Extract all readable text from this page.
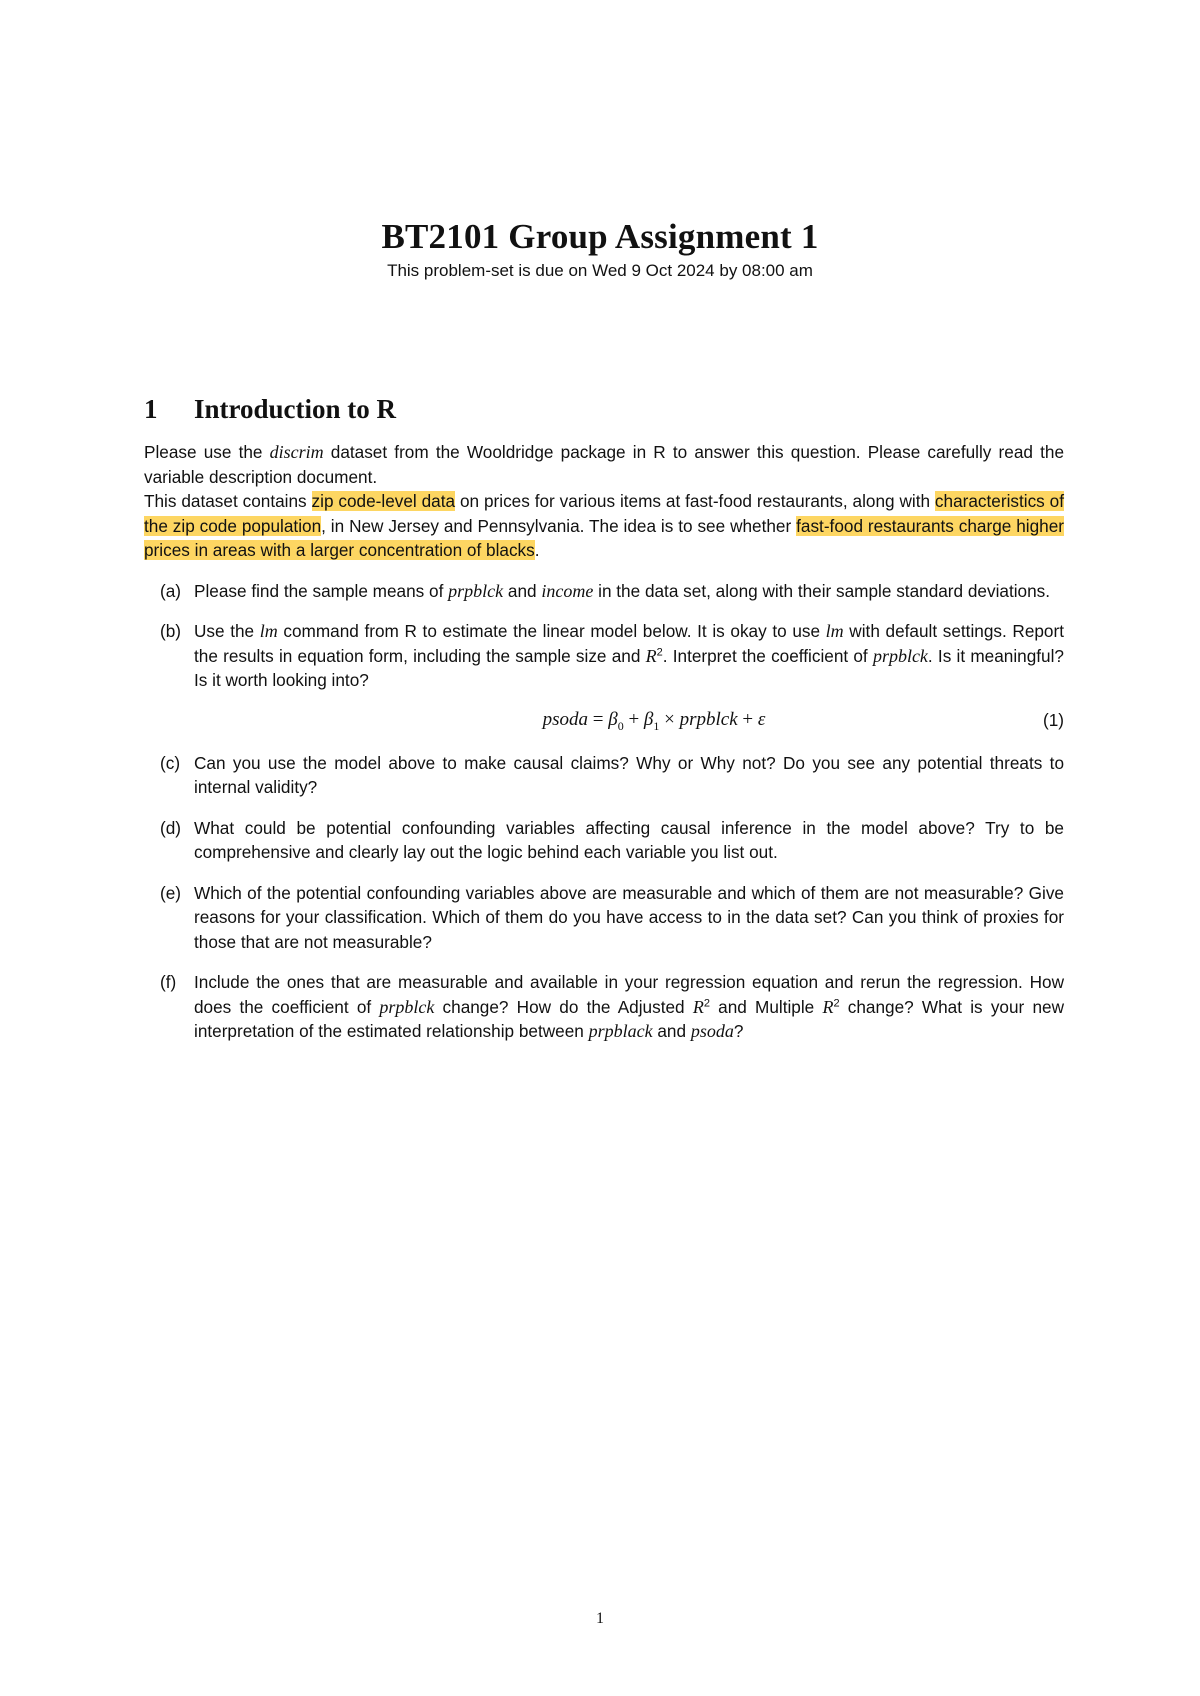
BT2101 Group Assignment 1

This problem-set is due on Wed 9 Oct 2024 by 08:00 am

1 Introduction to R

Please use the discrim dataset from the Wooldridge package in R to answer this question. Please carefully read the variable description document.

This dataset contains zip code-level data on prices for various items at fast-food restaurants, along with characteristics of the zip code population, in New Jersey and Pennsylvania. The idea is to see whether fast-food restaurants charge higher prices in areas with a larger concentration of blacks.

(a) Please find the sample means of prpblck and income in the data set, along with their sample standard deviations.

(b) Use the lm command from R to estimate the linear model below. It is okay to use lm with default settings. Report the results in equation form, including the sample size and $R^2$. Interpret the coefficient of prpblck. Is it meaningful? Is it worth looking into?

psoda = $\beta_0 + \beta_1$ × prpblck + ε	(1)
(c) Can you use the model above to make causal claims? Why or Why not? Do you see any potential threats to internal validity?

(d) What could be potential confounding variables affecting causal inference in the model above? Try to be comprehensive and clearly lay out the logic behind each variable you list out.

(e) Which of the potential confounding variables above are measurable and which of them are not measurable? Give reasons for your classification. Which of them do you have access to in the data set? Can you think of proxies for those that are not measurable?

(f) Include the ones that are measurable and available in your regression equation and rerun the regression. How does the coefficient of prpblck change? How do the Adjusted $R^2$ and Multiple $R^2$ change? What is your new interpretation of the estimated relationship between prpblack and psoda?

1
